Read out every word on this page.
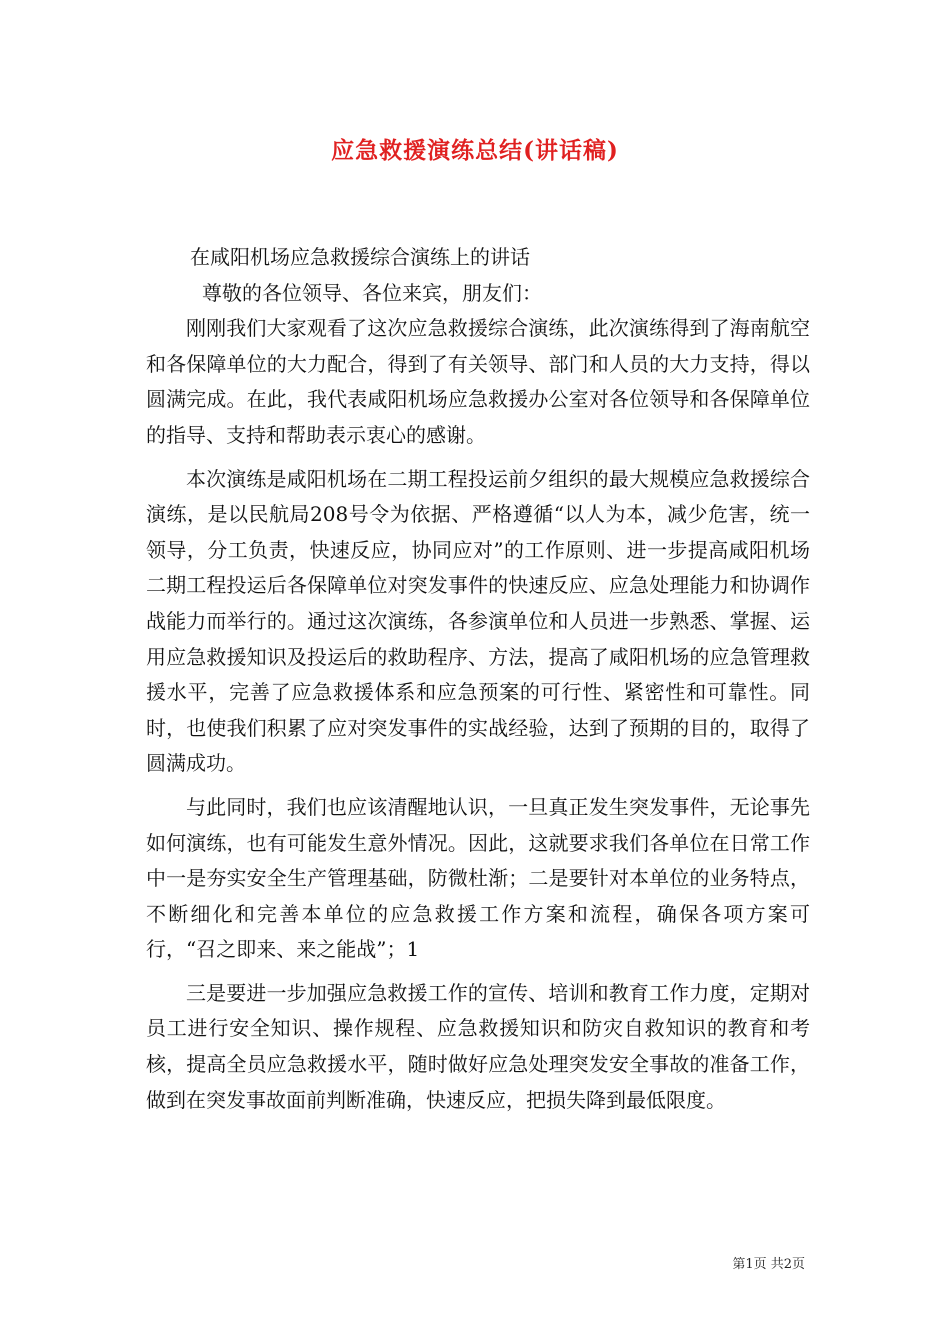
应急救援演练总结(讲话稿)

在咸阳机场应急救援综合演练上的讲话

尊敬的各位领导、各位来宾，朋友们：

刚刚我们大家观看了这次应急救援综合演练，此次演练得到了海南航空和各保障单位的大力配合，得到了有关领导、部门和人员的大力支持，得以圆满完成。在此，我代表咸阳机场应急救援办公室对各位领导和各保障单位的指导、支持和帮助表示衷心的感谢。

本次演练是咸阳机场在二期工程投运前夕组织的最大规模应急救援综合演练，是以民航局208号令为依据、严格遵循“以人为本，减少危害，统一领导，分工负责，快速反应，协同应对”的工作原则、进一步提高咸阳机场二期工程投运后各保障单位对突发事件的快速反应、应急处理能力和协调作战能力而举行的。通过这次演练，各参演单位和人员进一步熟悉、掌握、运用应急救援知识及投运后的救助程序、方法，提高了咸阳机场的应急管理救援水平，完善了应急救援体系和应急预案的可行性、紧密性和可靠性。同时，也使我们积累了应对突发事件的实战经验，达到了预期的目的，取得了圆满成功。

与此同时，我们也应该清醒地认识，一旦真正发生突发事件，无论事先如何演练，也有可能发生意外情况。因此，这就要求我们各单位在日常工作中一是夯实安全生产管理基础，防微杜渐；二是要针对本单位的业务特点，不断细化和完善本单位的应急救援工作方案和流程，确保各项方案可行，“召之即来、来之能战”；1

三是要进一步加强应急救援工作的宣传、培训和教育工作力度，定期对员工进行安全知识、操作规程、应急救援知识和防灾自救知识的教育和考核，提高全员应急救援水平，随时做好应急处理突发安全事故的准备工作，做到在突发事故面前判断准确，快速反应，把损失降到最低限度。

第1页 共2页
